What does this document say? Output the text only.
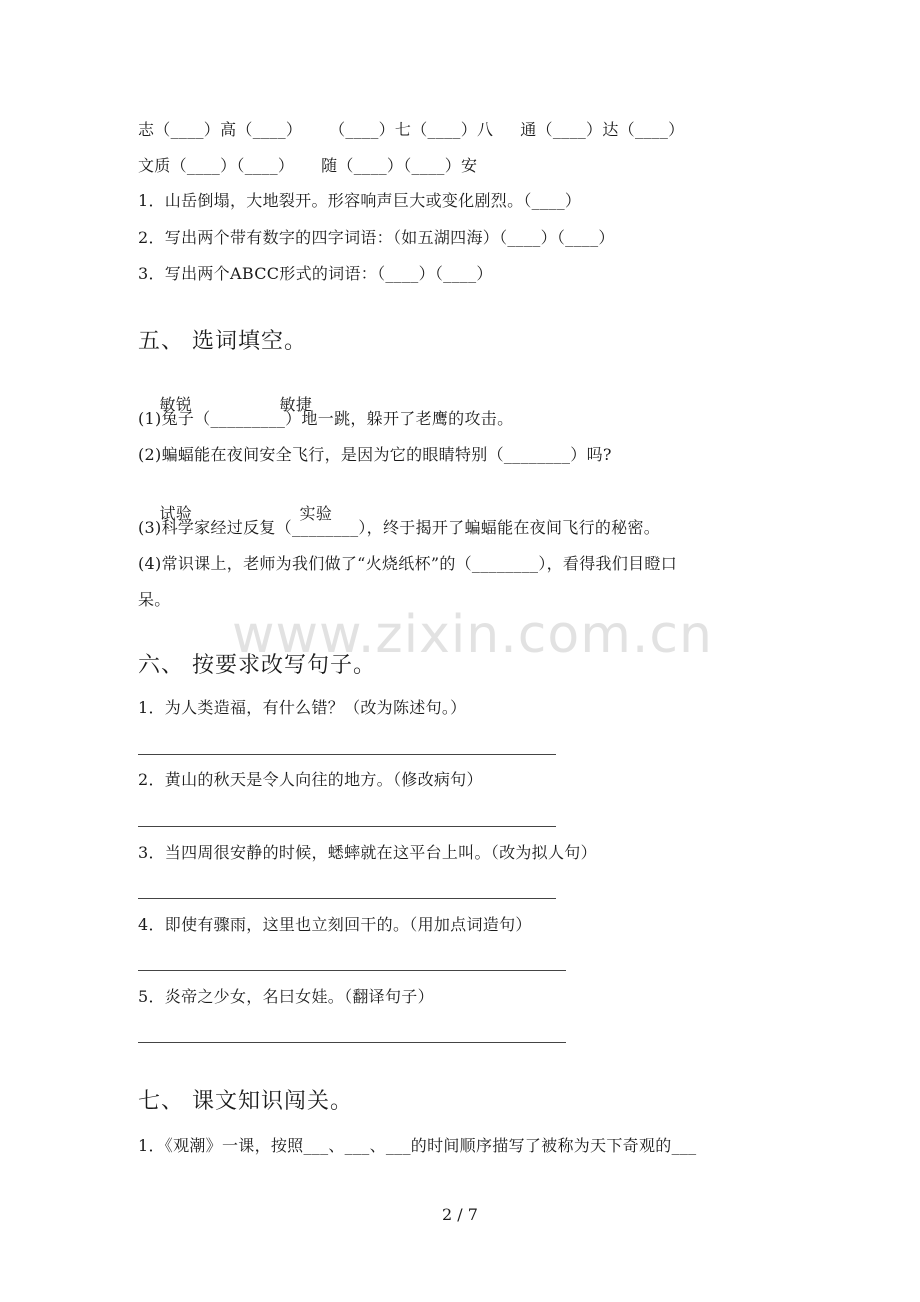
志（____）高（____）     （____）七（____）八     通（____）达（____）
文质（____）（____）     随（____）（____）安
1．山岳倒塌，大地裂开。形容响声巨大或变化剧烈。（____）
2．写出两个带有数字的四字词语：（如五湖四海）（____）（____）
3．写出两个ABCC形式的词语：（____）（____）
五、 选词填空。

敏锐	敏捷

(1)兔子（_________）地一跳，躲开了老鹰的攻击。
(2)蝙蝠能在夜间安全飞行，是因为它的眼睛特别（________）吗?

试验	实验

(3)科学家经过反复（________），终于揭开了蝙蝠能在夜间飞行的秘密。
(4)常识课上，老师为我们做了“火烧纸杯”的（________），看得我们目瞪口
呆。
www.zixin.com.cn
六、 按要求改写句子。
1．为人类造福，有什么错？（改为陈述句。）
2．黄山的秋天是令人向往的地方。（修改病句）
3．当四周很安静的时候，蟋蟀就在这平台上叫。（改为拟人句）
4．即使有骤雨，这里也立刻回干的。（用加点词造句）
5．炎帝之少女，名曰女娃。（翻译句子）
七、 课文知识闯关。
1．《观潮》一课，按照___、___、___的时间顺序描写了被称为天下奇观的___
2 / 7
